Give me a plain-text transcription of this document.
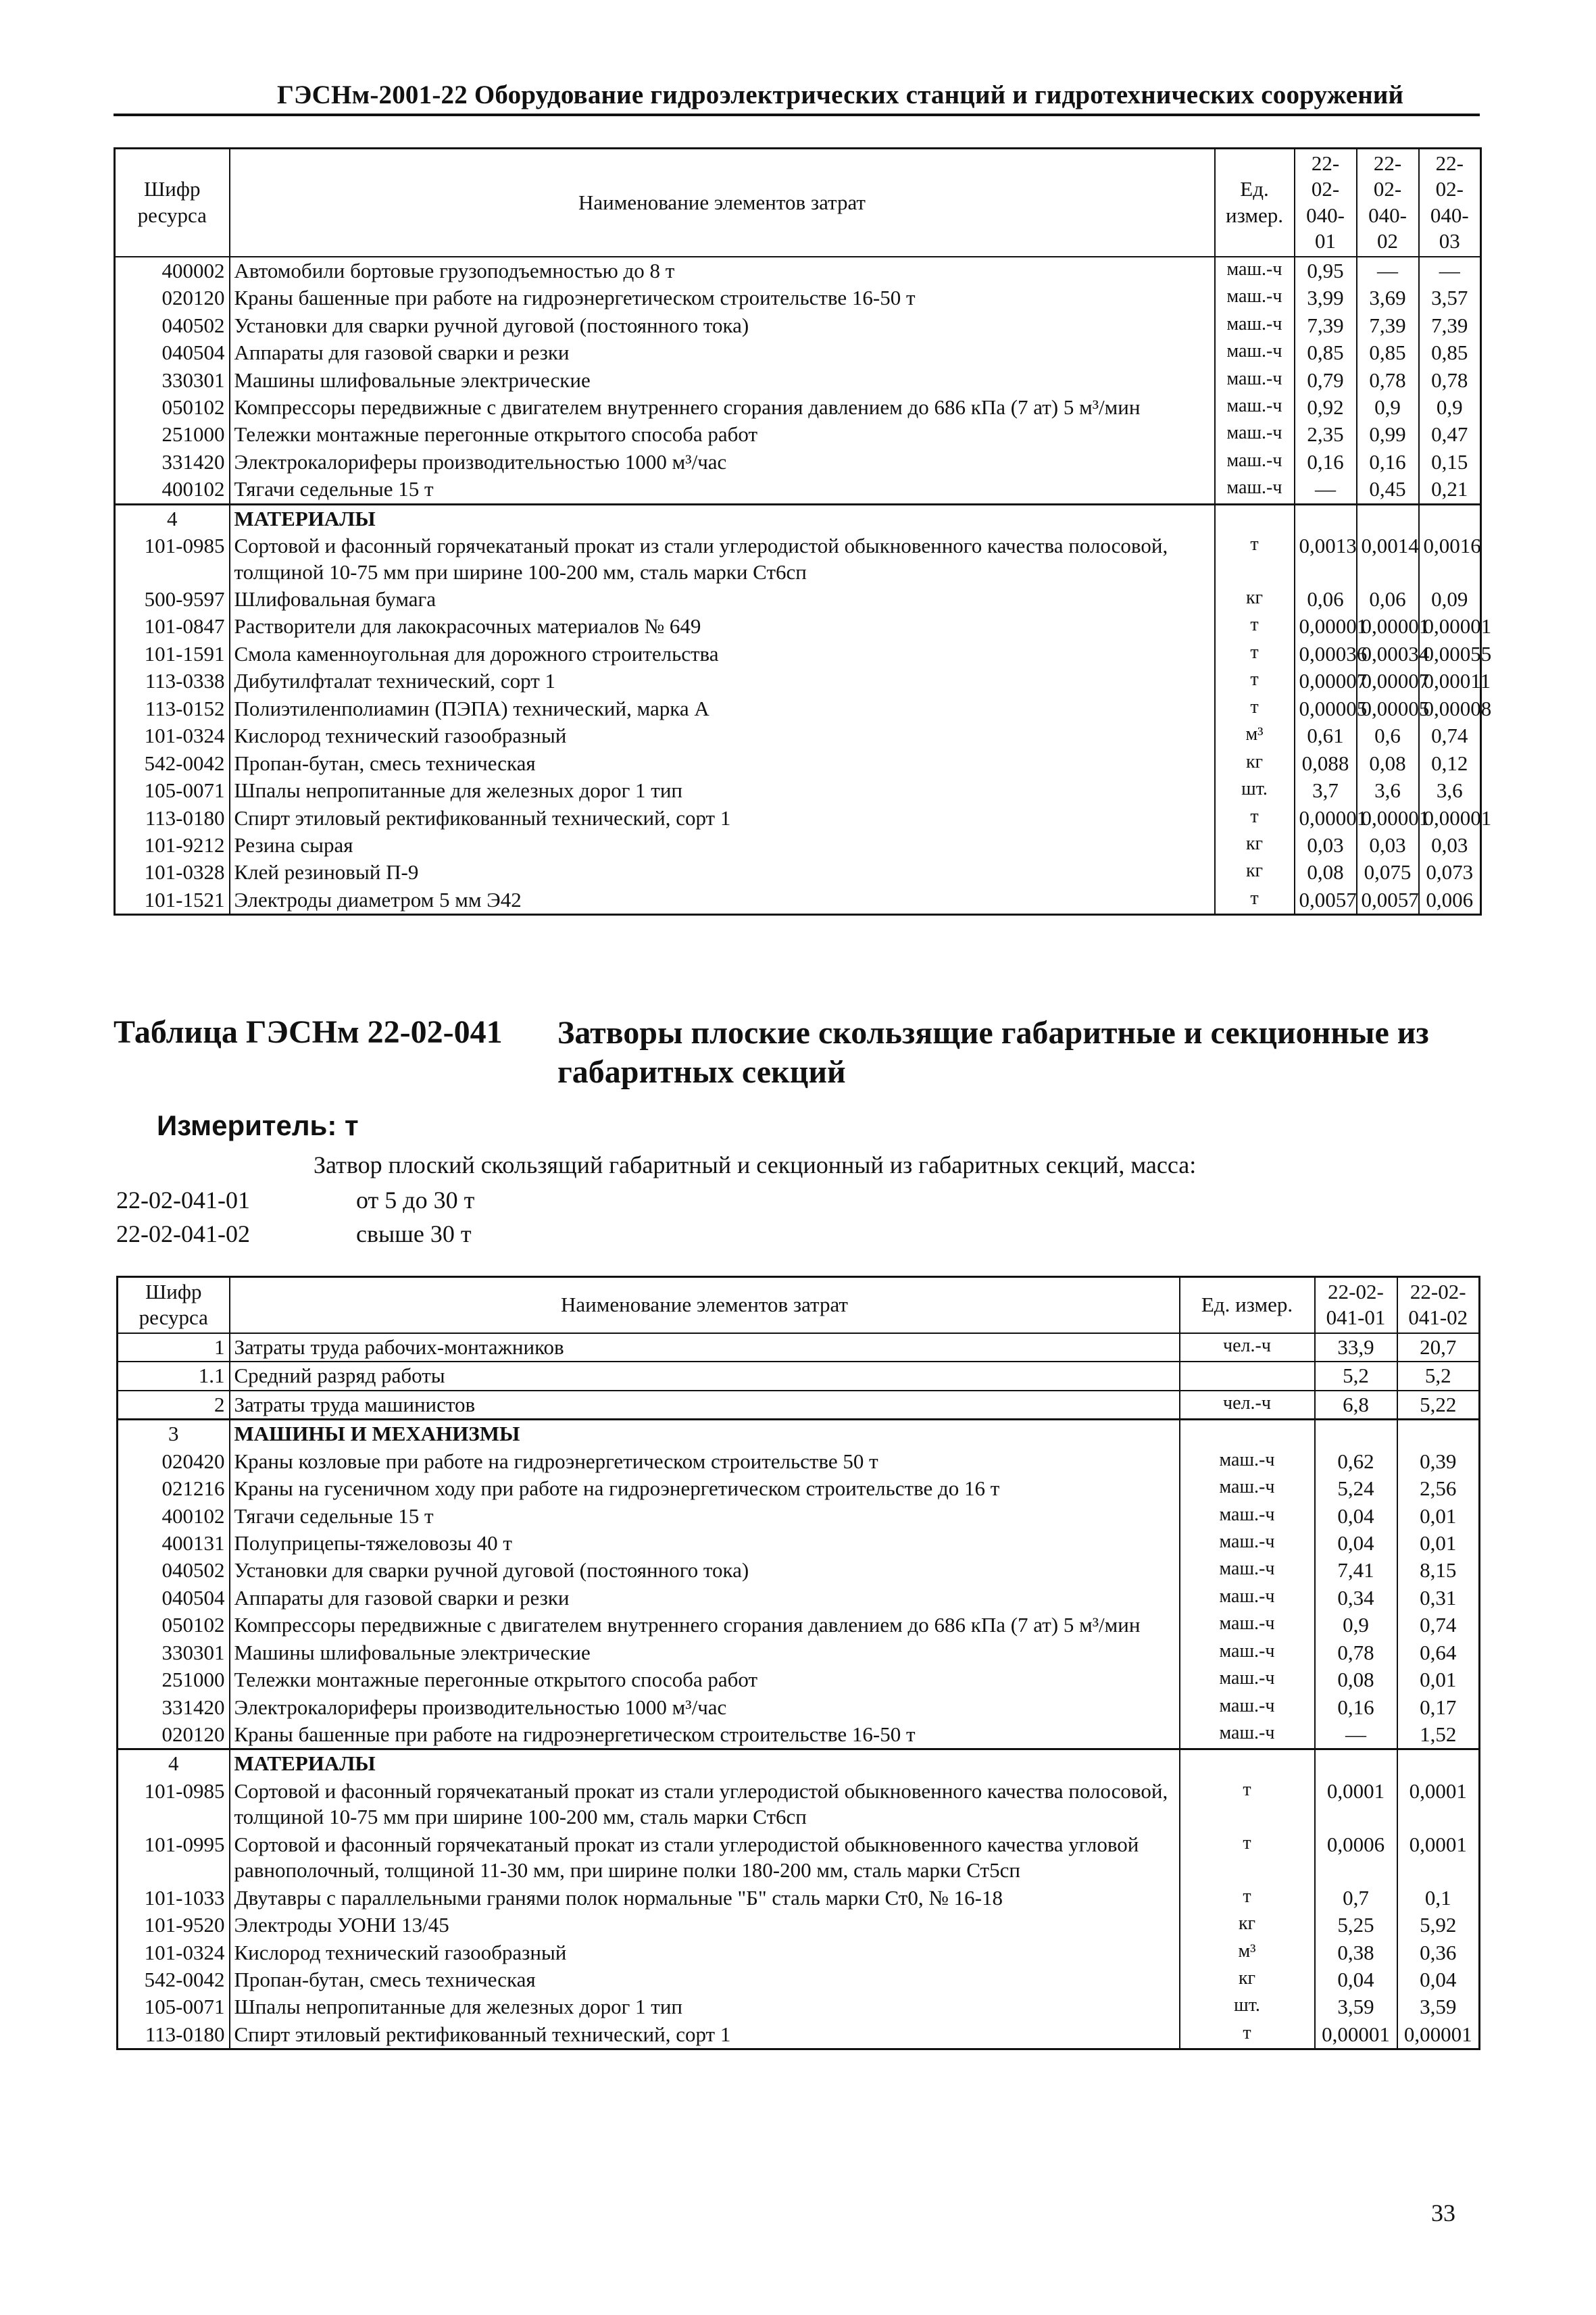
ГЭСНм-2001-22 Оборудование гидроэлектрических станций и гидротехнических сооружений
Шифр ресурса	Наименование элементов затрат	Ед. измер.	22-02-040-01	22-02-040-02	22-02-040-03
400002	Автомобили бортовые грузоподъемностью до 8 т	маш.-ч	0,95	—	—
020120	Краны башенные при работе на гидроэнергетическом строительстве 16-50 т	маш.-ч	3,99	3,69	3,57
040502	Установки для сварки ручной дуговой (постоянного тока)	маш.-ч	7,39	7,39	7,39
040504	Аппараты для газовой сварки и резки	маш.-ч	0,85	0,85	0,85
330301	Машины шлифовальные электрические	маш.-ч	0,79	0,78	0,78
050102	Компрессоры передвижные с двигателем внутреннего сгорания давлением до 686 кПа (7 ат) 5 м³/мин	маш.-ч	0,92	0,9	0,9
251000	Тележки монтажные перегонные открытого способа работ	маш.-ч	2,35	0,99	0,47
331420	Электрокалориферы производительностью 1000 м³/час	маш.-ч	0,16	0,16	0,15
400102	Тягачи седельные 15 т	маш.-ч	—	0,45	0,21
4	МАТЕРИАЛЫ				
101-0985	Сортовой и фасонный горячекатаный прокат из стали углеродистой обыкновенного качества полосовой, толщиной 10-75 мм при ширине 100-200 мм, сталь марки Ст6сп	т	0,0013	0,0014	0,0016
500-9597	Шлифовальная бумага	кг	0,06	0,06	0,09
101-0847	Растворители для лакокрасочных материалов № 649	т	0,00001	0,00001	0,00001
101-1591	Смола каменноугольная для дорожного строительства	т	0,00036	0,00034	0,00055
113-0338	Дибутилфталат технический, сорт 1	т	0,00007	0,00007	0,00011
113-0152	Полиэтиленполиамин (ПЭПА) технический, марка А	т	0,00005	0,00005	0,00008
101-0324	Кислород технический газообразный	м³	0,61	0,6	0,74
542-0042	Пропан-бутан, смесь техническая	кг	0,088	0,08	0,12
105-0071	Шпалы непропитанные для железных дорог 1 тип	шт.	3,7	3,6	3,6
113-0180	Спирт этиловый ректификованный технический, сорт 1	т	0,00001	0,00001	0,00001
101-9212	Резина сырая	кг	0,03	0,03	0,03
101-0328	Клей резиновый П-9	кг	0,08	0,075	0,073
101-1521	Электроды диаметром 5 мм Э42	т	0,0057	0,0057	0,006
Таблица ГЭСНм 22-02-041 Затворы плоские скользящие габаритные и секционные из габаритных секций
Измеритель: т
Затвор плоский скользящий габаритный и секционный из габаритных секций, масса:
22-02-041-01	от 5 до 30 т
22-02-041-02	свыше 30 т
Шифр ресурса	Наименование элементов затрат	Ед. измер.	22-02-041-01	22-02-041-02
1	Затраты труда рабочих-монтажников	чел.-ч	33,9	20,7
1.1	Средний разряд работы		5,2	5,2
2	Затраты труда машинистов	чел.-ч	6,8	5,22
3	МАШИНЫ И МЕХАНИЗМЫ			
020420	Краны козловые при работе на гидроэнергетическом строительстве 50 т	маш.-ч	0,62	0,39
021216	Краны на гусеничном ходу при работе на гидроэнергетическом строительстве до 16 т	маш.-ч	5,24	2,56
400102	Тягачи седельные 15 т	маш.-ч	0,04	0,01
400131	Полуприцепы-тяжеловозы 40 т	маш.-ч	0,04	0,01
040502	Установки для сварки ручной дуговой (постоянного тока)	маш.-ч	7,41	8,15
040504	Аппараты для газовой сварки и резки	маш.-ч	0,34	0,31
050102	Компрессоры передвижные с двигателем внутреннего сгорания давлением до 686 кПа (7 ат) 5 м³/мин	маш.-ч	0,9	0,74
330301	Машины шлифовальные электрические	маш.-ч	0,78	0,64
251000	Тележки монтажные перегонные открытого способа работ	маш.-ч	0,08	0,01
331420	Электрокалориферы производительностью 1000 м³/час	маш.-ч	0,16	0,17
020120	Краны башенные при работе на гидроэнергетическом строительстве 16-50 т	маш.-ч	—	1,52
4	МАТЕРИАЛЫ			
101-0985	Сортовой и фасонный горячекатаный прокат из стали углеродистой обыкновенного качества полосовой, толщиной 10-75 мм при ширине 100-200 мм, сталь марки Ст6сп	т	0,0001	0,0001
101-0995	Сортовой и фасонный горячекатаный прокат из стали углеродистой обыкновенного качества угловой равнополочный, толщиной 11-30 мм, при ширине полки 180-200 мм, сталь марки Ст5сп	т	0,0006	0,0001
101-1033	Двутавры с параллельными гранями полок нормальные "Б" сталь марки Ст0, № 16-18	т	0,7	0,1
101-9520	Электроды УОНИ 13/45	кг	5,25	5,92
101-0324	Кислород технический газообразный	м³	0,38	0,36
542-0042	Пропан-бутан, смесь техническая	кг	0,04	0,04
105-0071	Шпалы непропитанные для железных дорог 1 тип	шт.	3,59	3,59
113-0180	Спирт этиловый ректификованный технический, сорт 1	т	0,00001	0,00001
33
